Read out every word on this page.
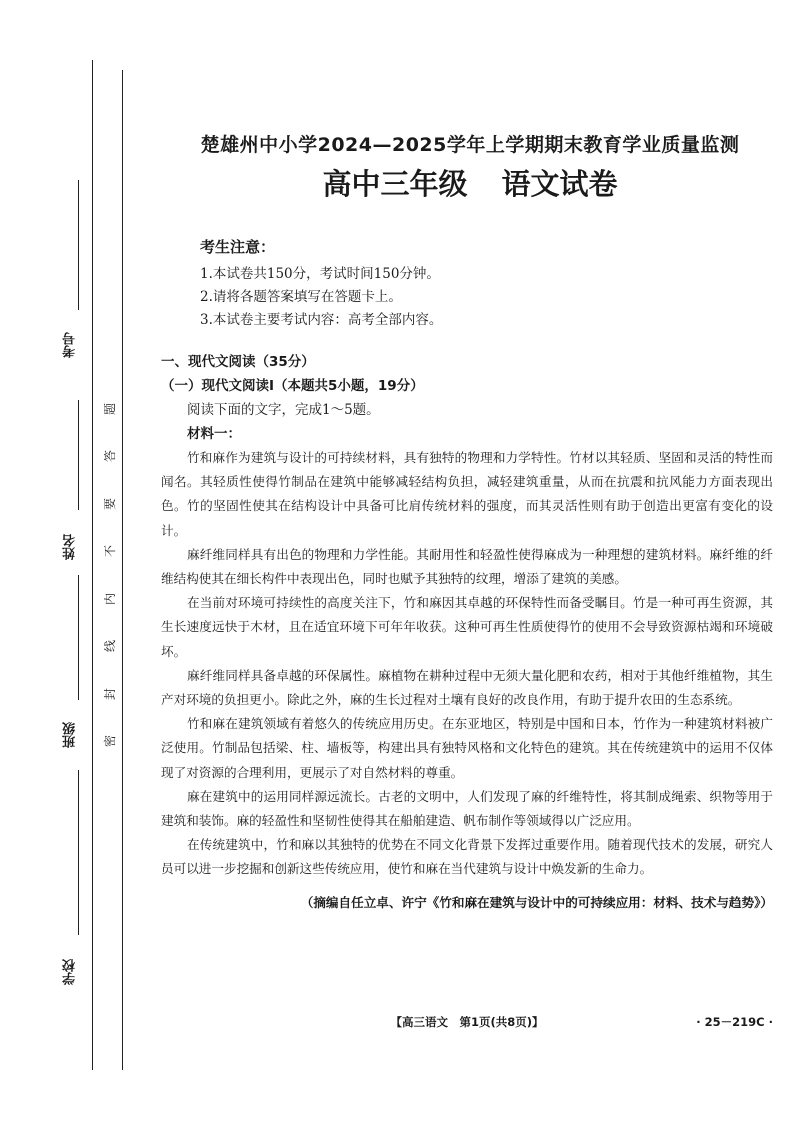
考号
姓名
班级
学校
题
答
要
不
内
线
封
密
楚雄州中小学2024—2025学年上学期期末教育学业质量监测
高中三年级 语文试卷
考生注意：
1.本试卷共150分，考试时间150分钟。
2.请将各题答案填写在答题卡上。
3.本试卷主要考试内容：高考全部内容。
一、现代文阅读（35分）
（一）现代文阅读Ⅰ（本题共5小题，19分）
阅读下面的文字，完成1～5题。
材料一：

竹和麻作为建筑与设计的可持续材料，具有独特的物理和力学特性。竹材以其轻质、坚固和灵活的特性而闻名。其轻质性使得竹制品在建筑中能够减轻结构负担，减轻建筑重量，从而在抗震和抗风能力方面表现出色。竹的坚固性使其在结构设计中具备可比肩传统材料的强度，而其灵活性则有助于创造出更富有变化的设计。

麻纤维同样具有出色的物理和力学性能。其耐用性和轻盈性使得麻成为一种理想的建筑材料。麻纤维的纤维结构使其在细长构件中表现出色，同时也赋予其独特的纹理，增添了建筑的美感。

在当前对环境可持续性的高度关注下，竹和麻因其卓越的环保特性而备受瞩目。竹是一种可再生资源，其生长速度远快于木材，且在适宜环境下可年年收获。这种可再生性质使得竹的使用不会导致资源枯竭和环境破坏。

麻纤维同样具备卓越的环保属性。麻植物在耕种过程中无须大量化肥和农药，相对于其他纤维植物，其生产对环境的负担更小。除此之外，麻的生长过程对土壤有良好的改良作用，有助于提升农田的生态系统。

竹和麻在建筑领域有着悠久的传统应用历史。在东亚地区，特别是中国和日本，竹作为一种建筑材料被广泛使用。竹制品包括梁、柱、墙板等，构建出具有独特风格和文化特色的建筑。其在传统建筑中的运用不仅体现了对资源的合理利用，更展示了对自然材料的尊重。

麻在建筑中的运用同样源远流长。古老的文明中，人们发现了麻的纤维特性，将其制成绳索、织物等用于建筑和装饰。麻的轻盈性和坚韧性使得其在船舶建造、帆布制作等领域得以广泛应用。

在传统建筑中，竹和麻以其独特的优势在不同文化背景下发挥过重要作用。随着现代技术的发展，研究人员可以进一步挖掘和创新这些传统应用，使竹和麻在当代建筑与设计中焕发新的生命力。

（摘编自任立卓、许宁《竹和麻在建筑与设计中的可持续应用：材料、技术与趋势》）
【高三语文　第1页(共8页)】	· 25－219C ·
